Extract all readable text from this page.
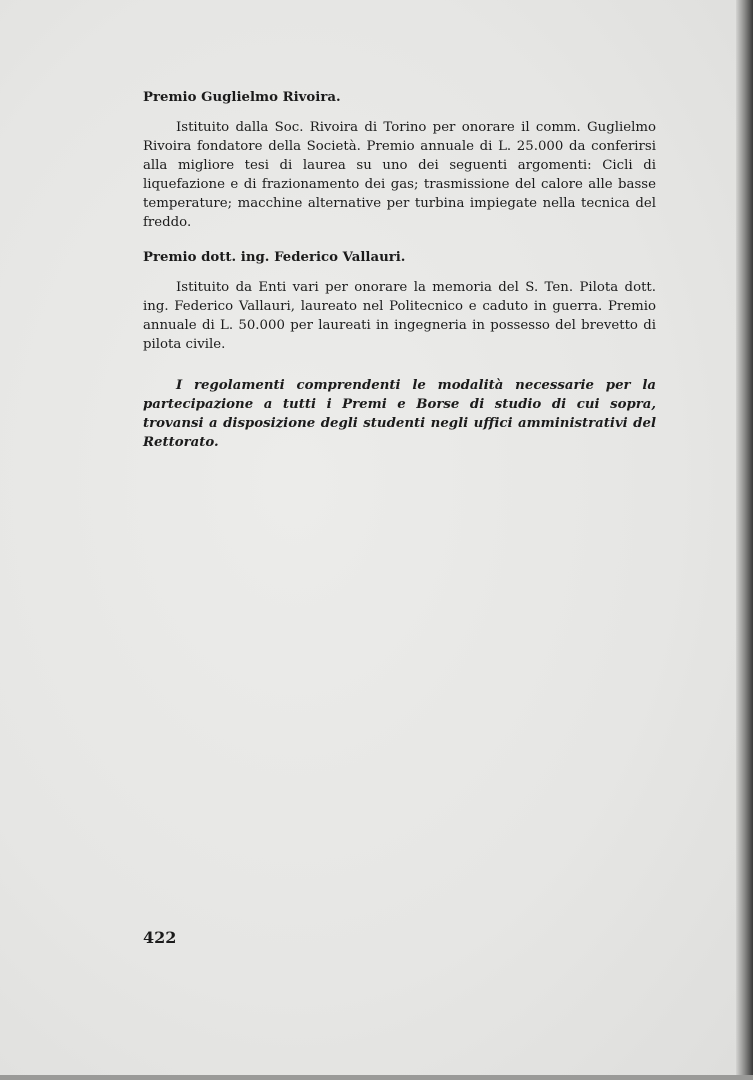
Premio Guglielmo Rivoira.

Istituito dalla Soc. Rivoira di Torino per onorare il comm. Guglielmo Rivoira fondatore della Società. Premio annuale di L. 25.000 da conferirsi alla migliore tesi di laurea su uno dei seguenti argomenti: Cicli di liquefazione e di frazionamento dei gas; trasmissione del calore alle basse temperature; macchine alternative per turbina impiegate nella tecnica del freddo.

Premio dott. ing. Federico Vallauri.

Istituito da Enti vari per onorare la memoria del S. Ten. Pilota dott. ing. Federico Vallauri, laureato nel Politecnico e caduto in guerra. Premio annuale di L. 50.000 per laureati in ingegneria in possesso del brevetto di pilota civile.

I regolamenti comprendenti le modalità necessarie per la partecipazione a tutti i Premi e Borse di studio di cui sopra, trovansi a disposizione degli studenti negli uffici amministrativi del Rettorato.

422
